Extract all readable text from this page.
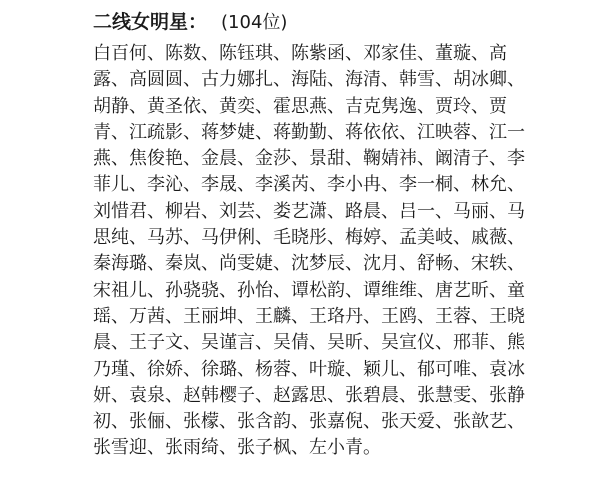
二线女明星： (104位)
白百何、陈数、陈钰琪、陈紫函、邓家佳、董璇、高
露、高圆圆、古力娜扎、海陆、海清、韩雪、胡冰卿、
胡静、黄圣依、黄奕、霍思燕、吉克隽逸、贾玲、贾
青、江疏影、蒋梦婕、蒋勤勤、蒋依依、江映蓉、江一
燕、焦俊艳、金晨、金莎、景甜、鞠婧祎、阚清子、李
菲儿、李沁、李晟、李溪芮、李小冉、李一桐、林允、
刘惜君、柳岩、刘芸、娄艺潇、路晨、吕一、马丽、马
思纯、马苏、马伊俐、毛晓彤、梅婷、孟美岐、戚薇、
秦海璐、秦岚、尚雯婕、沈梦辰、沈月、舒畅、宋轶、
宋祖儿、孙骁骁、孙怡、谭松韵、谭维维、唐艺昕、童
瑶、万茜、王丽坤、王麟、王珞丹、王鸥、王蓉、王晓
晨、王子文、吴谨言、吴倩、吴昕、吴宣仪、邢菲、熊
乃瑾、徐娇、徐璐、杨蓉、叶璇、颖儿、郁可唯、袁冰
妍、袁泉、赵韩樱子、赵露思、张碧晨、张慧雯、张静
初、张俪、张檬、张含韵、张嘉倪、张天爱、张歆艺、
张雪迎、张雨绮、张子枫、左小青。
